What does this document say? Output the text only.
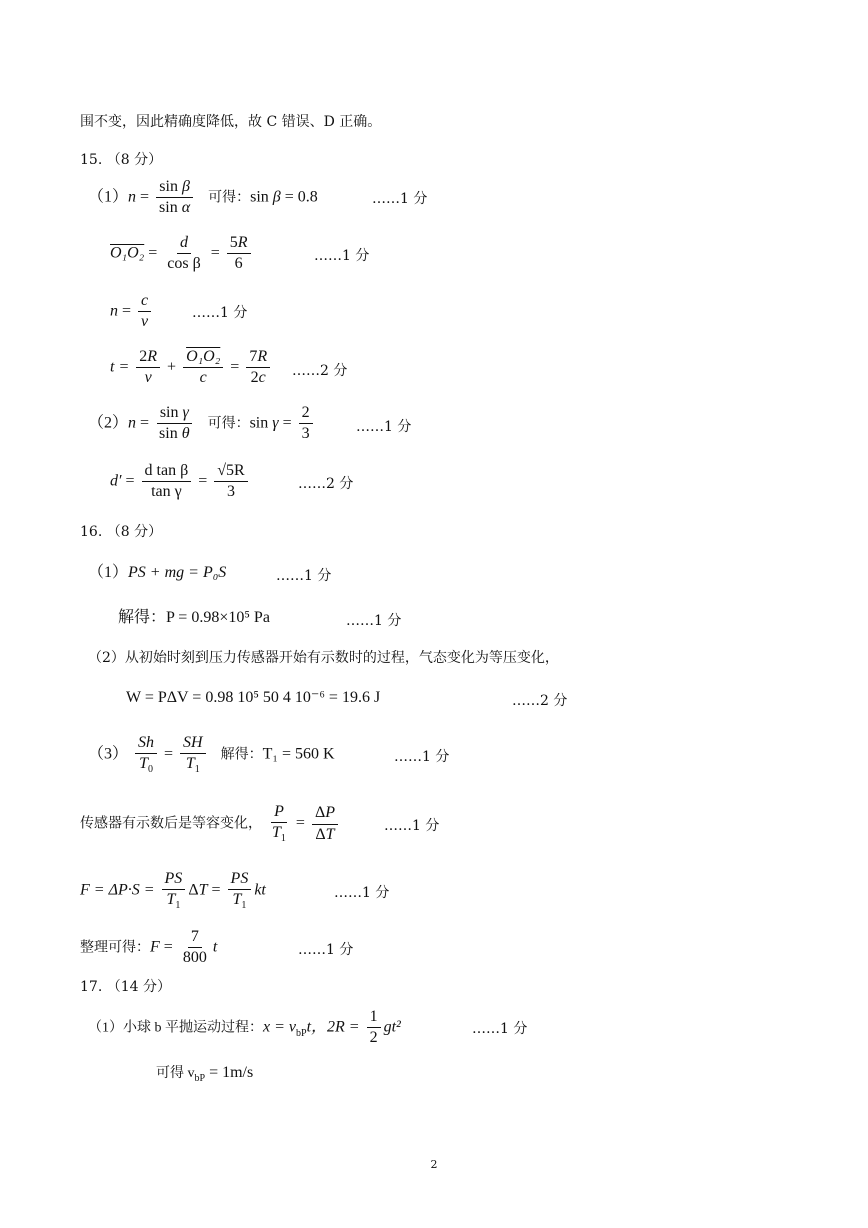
围不变，因此精确度降低，故 C 错误、D 正确。
15. （8 分）
$(1)n = \frac{\text{sin β}}{\text{sin α}}$ 可得：sin β = 0.8	……1 分
$O_1O_2 = \frac{d}{\text{cos β}} = \frac{5R}{6}$	……1 分
$n = \frac{c}{v}$	……1 分
$t = \frac{2R}{v} + \frac{\text{O₁O₂}}{c} = \frac{7R}{2c}$ ……2 分
$(2)n = \frac{\text{sin γ}}{\text{sin θ}}$ 可得：$\sin \gamma = \frac{2}{3}$	……1 分
$d' = \frac{\text{d tan β}}{\text{tan γ}} = \frac{√5R}{3}$	……2 分
16. （8 分）
（1）PS + mg = P₀S	……1 分
解得：P = 0.98×10⁵ Pa	……1 分
（2）从初始时刻到压力传感器开始有示数时的过程，气态变化为等压变化，
W = PΔV = 0.98 10⁵ 50 4 10⁻⁶ = 19.6 J	……2 分
$(3) \frac{Sh}{T_0} = \frac{SH}{T_1}$ 解得：T₁ = 560 K	……1 分
传感器有示数后是等容变化， $\frac{P}{T_1} = \frac{\Delta P}{\Delta T}$	……1 分
$F = \Delta P\cdot S = \frac{PS}{T_1}$ $\Delta T = \frac{PS}{T_1}$ kt	……1 分
整理可得：$F = \frac{7}{800}$ t	……1 分
17. （14 分）
（1）小球 b 平抛运动过程：$x = v_{bP}t$，$2R = \frac{1}{2} gt^2$	……1 分
可得 $v_{bP} = 1m/s$
2
